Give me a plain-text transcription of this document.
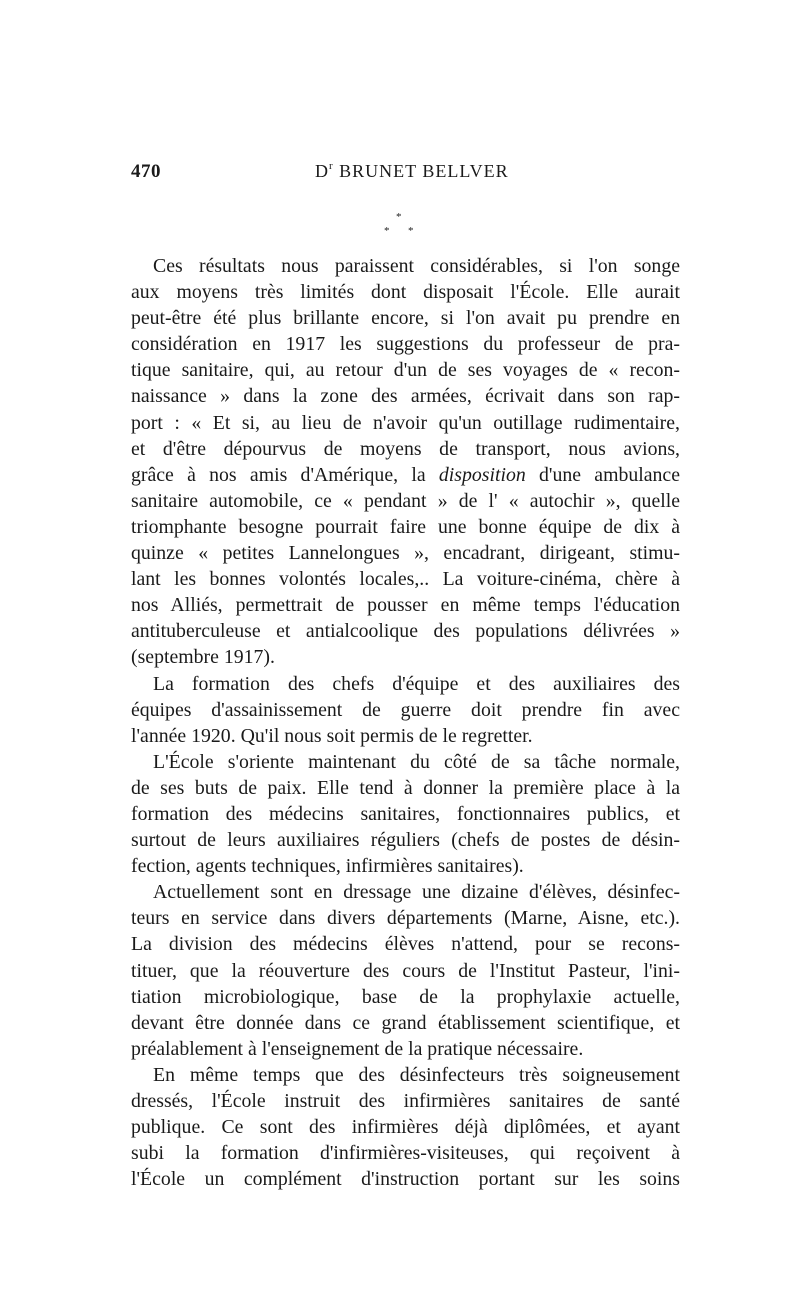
470	$D^r$ BRUNET BELLVER
*
* *
Ces résultats nous paraissent considérables, si l'on songe
aux moyens très limités dont disposait l'École. Elle aurait
peut-être été plus brillante encore, si l'on avait pu prendre en
considération en 1917 les suggestions du professeur de pra-
tique sanitaire, qui, au retour d'un de ses voyages de « recon-
naissance » dans la zone des armées, écrivait dans son rap-
port : « Et si, au lieu de n'avoir qu'un outillage rudimentaire,
et d'être dépourvus de moyens de transport, nous avions,
grâce à nos amis d'Amérique, la disposition d'une ambulance
sanitaire automobile, ce « pendant » de l' « autochir », quelle
triomphante besogne pourrait faire une bonne équipe de dix à
quinze « petites Lannelongues », encadrant, dirigeant, stimu-
lant les bonnes volontés locales,.. La voiture-cinéma, chère à
nos Alliés, permettrait de pousser en même temps l'éducation
antituberculeuse et antialcoolique des populations délivrées »
(septembre 1917).
La formation des chefs d'équipe et des auxiliaires des
équipes d'assainissement de guerre doit prendre fin avec
l'année 1920. Qu'il nous soit permis de le regretter.
L'École s'oriente maintenant du côté de sa tâche normale,
de ses buts de paix. Elle tend à donner la première place à la
formation des médecins sanitaires, fonctionnaires publics, et
surtout de leurs auxiliaires réguliers (chefs de postes de désin-
fection, agents techniques, infirmières sanitaires).
Actuellement sont en dressage une dizaine d'élèves, désinfec-
teurs en service dans divers départements (Marne, Aisne, etc.).
La division des médecins élèves n'attend, pour se recons-
tituer, que la réouverture des cours de l'Institut Pasteur, l'ini-
tiation microbiologique, base de la prophylaxie actuelle,
devant être donnée dans ce grand établissement scientifique, et
préalablement à l'enseignement de la pratique nécessaire.
En même temps que des désinfecteurs très soigneusement
dressés, l'École instruit des infirmières sanitaires de santé
publique. Ce sont des infirmières déjà diplômées, et ayant
subi la formation d'infirmières-visiteuses, qui reçoivent à
l'École un complément d'instruction portant sur les soins
